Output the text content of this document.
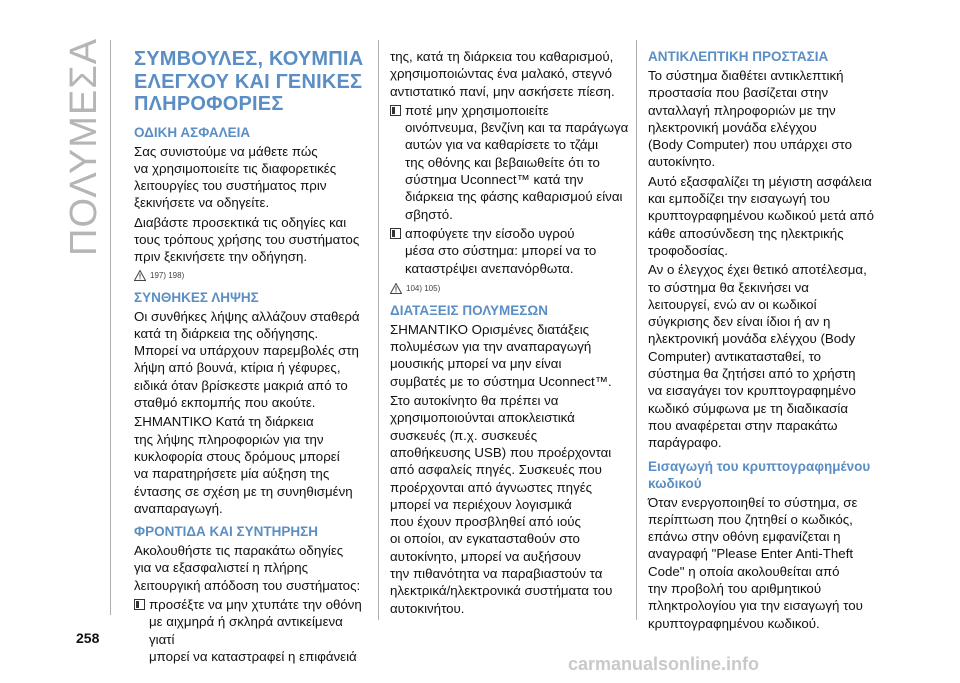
ΠΟΛΥΜΕΣΑ ΣΥΜΒΟΥΛΕΣ, ΚΟΥΜΠΙΑ
ΕΛΕΓΧΟΥ ΚΑΙ ΓΕΝΙΚΕΣ
ΠΛΗΡΟΦΟΡΙΕΣ
ΟΔΙΚΗ ΑΣΦΑΛΕΙΑ

Σας συνιστούμε να μάθετε πώς
να χρησιμοποιείτε τις διαφορετικές
λειτουργίες του συστήματος πριν
ξεκινήσετε να οδηγείτε.

Διαβάστε προσεκτικά τις οδηγίες και
τους τρόπους χρήσης του συστήματος
πριν ξεκινήσετε την οδήγηση.

197) 198)
ΣΥΝΘΗΚΕΣ ΛΗΨΗΣ

Οι συνθήκες λήψης αλλάζουν σταθερά
κατά τη διάρκεια της οδήγησης.
Μπορεί να υπάρχουν παρεμβολές στη
λήψη από βουνά, κτίρια ή γέφυρες,
ειδικά όταν βρίσκεστε μακριά από το
σταθμό εκπομπής που ακούτε.

ΣΗΜΑΝΤΙΚΟ Κατά τη διάρκεια
της λήψης πληροφοριών για την
κυκλοφορία στους δρόμους μπορεί
να παρατηρήσετε μία αύξηση της
έντασης σε σχέση με τη συνηθισμένη
αναπαραγωγή.

ΦΡΟΝΤΙΔΑ ΚΑΙ ΣΥΝΤΗΡΗΣΗ

Ακολουθήστε τις παρακάτω οδηγίες
για να εξασφαλιστεί η πλήρης
λειτουργική απόδοση του συστήματος:

προσέξτε να μην χτυπάτε την οθόνη
με αιχμηρά ή σκληρά αντικείμενα γιατί
μπορεί να καταστραφεί η επιφάνειά

της, κατά τη διάρκεια του καθαρισμού,
χρησιμοποιώντας ένα μαλακό, στεγνό
αντιστατικό πανί, μην ασκήσετε πίεση.

ποτέ μην χρησιμοποιείτε
οινόπνευμα, βενζίνη και τα παράγωγα
αυτών για να καθαρίσετε το τζάμι
της οθόνης και βεβαιωθείτε ότι το
σύστημα Uconnect™ κατά την
διάρκεια της φάσης καθαρισμού είναι
σβηστό.

αποφύγετε την είσοδο υγρού
μέσα στο σύστημα: μπορεί να το
καταστρέψει ανεπανόρθωτα.

104) 105)
ΔΙΑΤΑΞΕΙΣ ΠΟΛΥΜΕΣΩΝ

ΣΗΜΑΝΤΙΚΟ Ορισμένες διατάξεις
πολυμέσων για την αναπαραγωγή
μουσικής μπορεί να μην είναι
συμβατές με το σύστημα Uconnect™.

Στο αυτοκίνητο θα πρέπει να
χρησιμοποιούνται αποκλειστικά
συσκευές (π.χ. συσκευές
αποθήκευσης USB) που προέρχονται
από ασφαλείς πηγές. Συσκευές που
προέρχονται από άγνωστες πηγές
μπορεί να περιέχουν λογισμικά
που έχουν προσβληθεί από ιούς
οι οποίοι, αν εγκατασταθούν στο
αυτοκίνητο, μπορεί να αυξήσουν
την πιθανότητα να παραβιαστούν τα
ηλεκτρικά/ηλεκτρονικά συστήματα του
αυτοκινήτου.

ΑΝΤΙΚΛΕΠΤΙΚΗ ΠΡΟΣΤΑΣΙΑ

Το σύστημα διαθέτει αντικλεπτική
προστασία που βασίζεται στην
ανταλλαγή πληροφοριών με την
ηλεκτρονική μονάδα ελέγχου
(Body Computer) που υπάρχει στο
αυτοκίνητο.

Αυτό εξασφαλίζει τη μέγιστη ασφάλεια
και εμποδίζει την εισαγωγή του
κρυπτογραφημένου κωδικού μετά από
κάθε αποσύνδεση της ηλεκτρικής
τροφοδοσίας.

Αν ο έλεγχος έχει θετικό αποτέλεσμα,
το σύστημα θα ξεκινήσει να
λειτουργεί, ενώ αν οι κωδικοί
σύγκρισης δεν είναι ίδιοι ή αν η
ηλεκτρονική μονάδα ελέγχου (Body
Computer) αντικατασταθεί, το
σύστημα θα ζητήσει από το χρήστη
να εισαγάγει τον κρυπτογραφημένο
κωδικό σύμφωνα με τη διαδικασία
που αναφέρεται στην παρακάτω
παράγραφο.

Εισαγωγή του κρυπτογραφημένου
κωδικού

Όταν ενεργοποιηθεί το σύστημα, σε
περίπτωση που ζητηθεί ο κωδικός,
επάνω στην οθόνη εμφανίζεται η
αναγραφή "Please Enter Anti-Theft
Code" η οποία ακολουθείται από
την προβολή του αριθμητικού
πληκτρολογίου για την εισαγωγή του
κρυπτογραφημένου κωδικού.

258
carmanualsonline.info
